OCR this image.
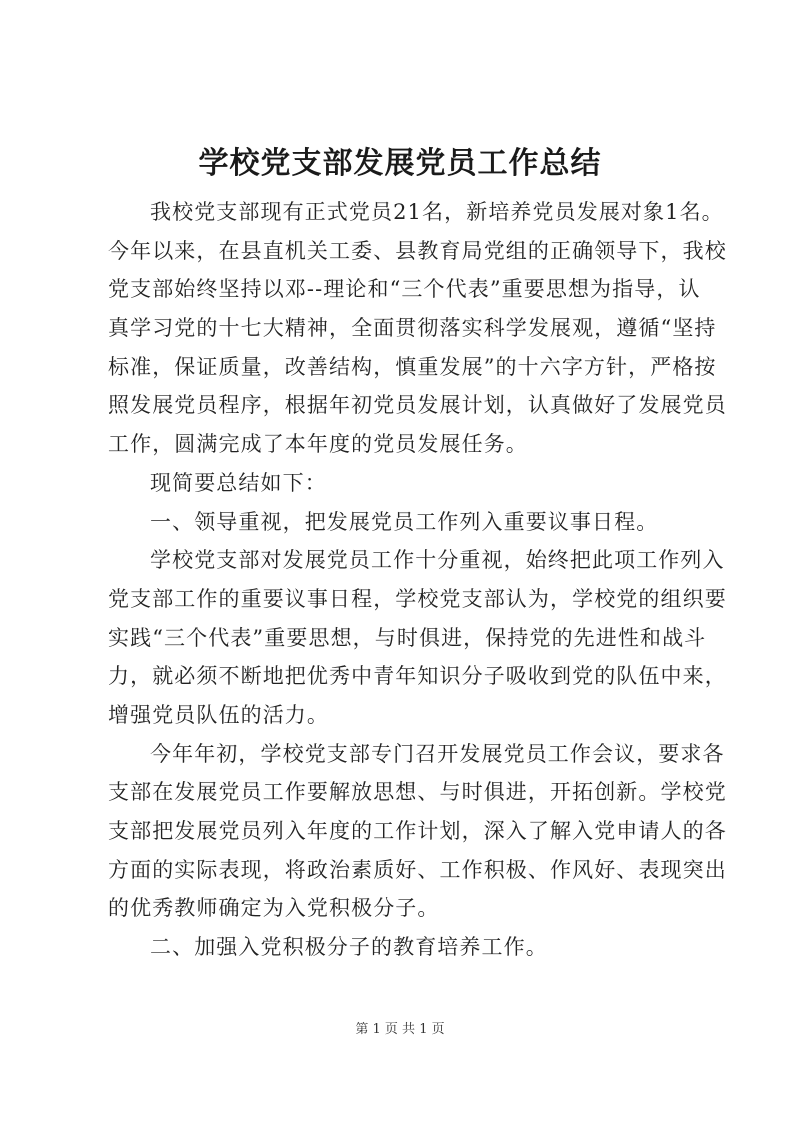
学校党支部发展党员工作总结
我校党支部现有正式党员21名，新培养党员发展对象1名。
今年以来，在县直机关工委、县教育局党组的正确领导下，我校
党支部始终坚持以邓--理论和“三个代表”重要思想为指导，认
真学习党的十七大精神，全面贯彻落实科学发展观，遵循“坚持
标准，保证质量，改善结构，慎重发展”的十六字方针，严格按
照发展党员程序，根据年初党员发展计划，认真做好了发展党员
工作，圆满完成了本年度的党员发展任务。
现简要总结如下：
一、领导重视，把发展党员工作列入重要议事日程。
学校党支部对发展党员工作十分重视，始终把此项工作列入
党支部工作的重要议事日程，学校党支部认为，学校党的组织要
实践“三个代表”重要思想，与时俱进，保持党的先进性和战斗
力，就必须不断地把优秀中青年知识分子吸收到党的队伍中来，
增强党员队伍的活力。
今年年初，学校党支部专门召开发展党员工作会议，要求各
支部在发展党员工作要解放思想、与时俱进，开拓创新。学校党
支部把发展党员列入年度的工作计划，深入了解入党申请人的各
方面的实际表现，将政治素质好、工作积极、作风好、表现突出
的优秀教师确定为入党积极分子。
二、加强入党积极分子的教育培养工作。
第 1 页 共 1 页
